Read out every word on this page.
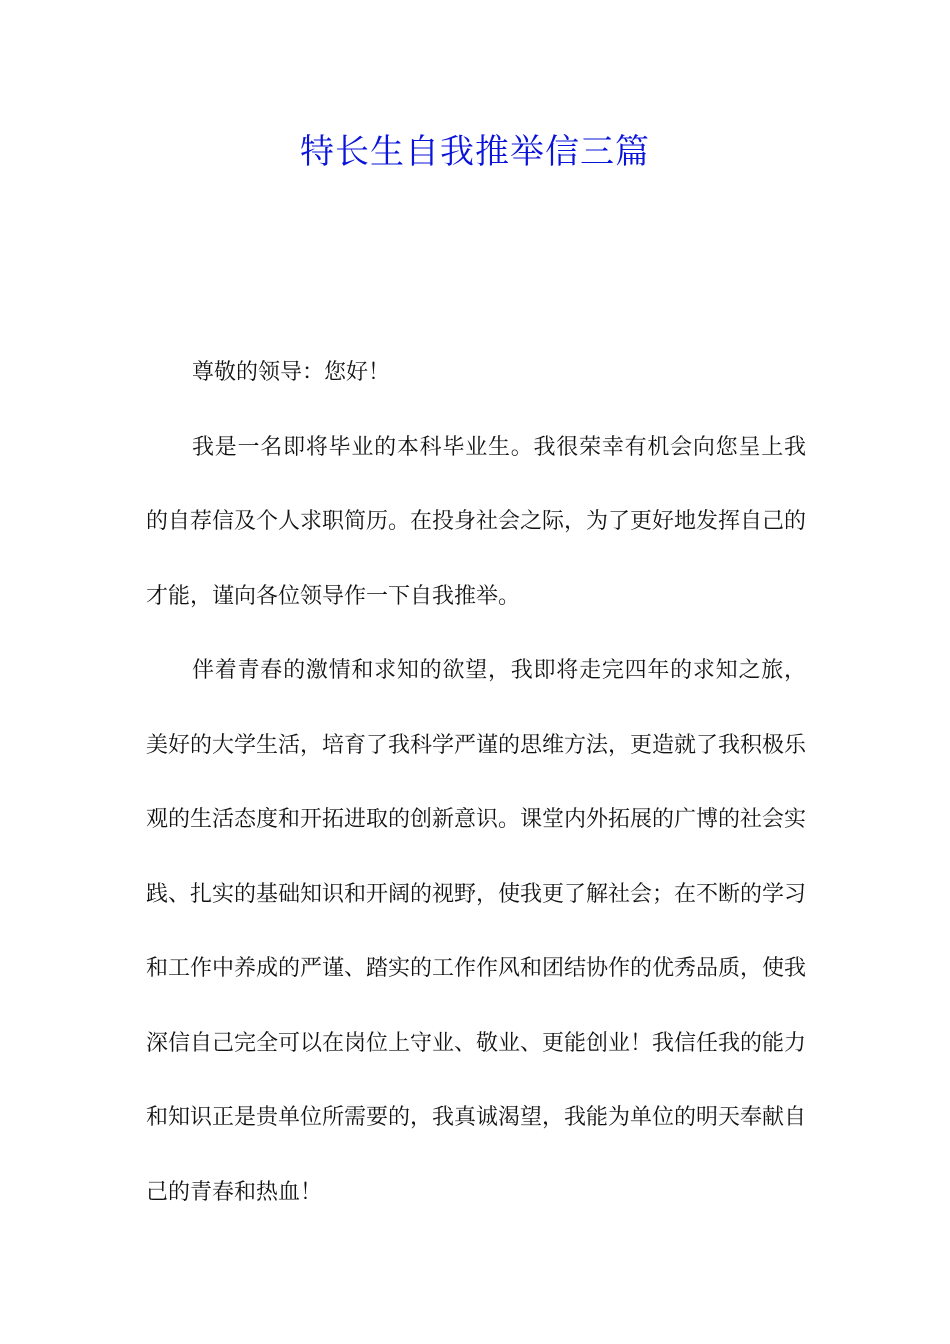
特长生自我推举信三篇

尊敬的领导：您好！

我是一名即将毕业的本科毕业生。我很荣幸有机会向您呈上我的自荐信及个人求职简历。在投身社会之际，为了更好地发挥自己的才能，谨向各位领导作一下自我推举。

伴着青春的激情和求知的欲望，我即将走完四年的求知之旅，美好的大学生活，培育了我科学严谨的思维方法，更造就了我积极乐观的生活态度和开拓进取的创新意识。课堂内外拓展的广博的社会实践、扎实的基础知识和开阔的视野，使我更了解社会；在不断的学习和工作中养成的严谨、踏实的工作作风和团结协作的优秀品质，使我深信自己完全可以在岗位上守业、敬业、更能创业！我信任我的能力和知识正是贵单位所需要的，我真诚渴望，我能为单位的明天奉献自己的青春和热血！
